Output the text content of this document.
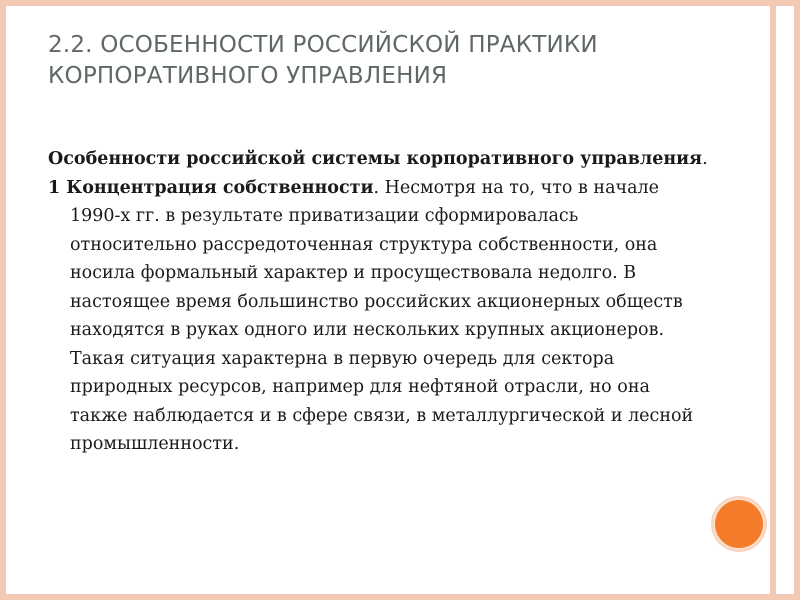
2.2. ОСОБЕННОСТИ РОССИЙСКОЙ ПРАКТИКИ
КОРПОРАТИВНОГО УПРАВЛЕНИЯ
Особенности российской системы корпоративного управления.
1 Концентрация собственности. Несмотря на то, что в начале 1990-х гг. в результате приватизации сформировалась относительно рассредоточенная структура собственности, она носила формальный характер и просуществовала недолго. В настоящее время большинство российских акционерных обществ находятся в руках одного или нескольких крупных акционеров. Такая ситуация характерна в первую очередь для сектора природных ресурсов, например для нефтяной отрасли, но она также наблюдается и в сфере связи, в металлургической и лесной промышленности.
